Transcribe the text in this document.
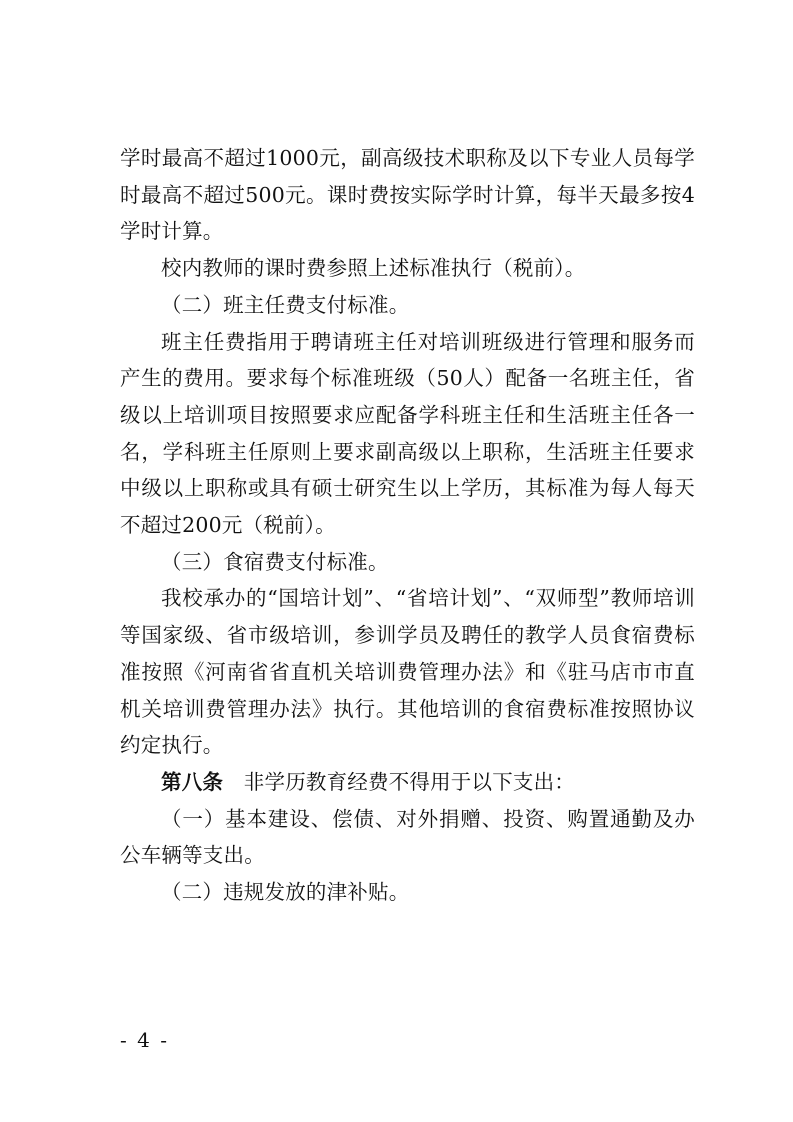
学时最高不超过1000元，副高级技术职称及以下专业人员每学时最高不超过500元。课时费按实际学时计算，每半天最多按4学时计算。

校内教师的课时费参照上述标准执行（税前）。

（二）班主任费支付标准。

班主任费指用于聘请班主任对培训班级进行管理和服务而产生的费用。要求每个标准班级（50人）配备一名班主任，省级以上培训项目按照要求应配备学科班主任和生活班主任各一名，学科班主任原则上要求副高级以上职称，生活班主任要求中级以上职称或具有硕士研究生以上学历，其标准为每人每天不超过200元（税前）。

（三）食宿费支付标准。

我校承办的“国培计划”、“省培计划”、“双师型”教师培训等国家级、省市级培训，参训学员及聘任的教学人员食宿费标准按照《河南省省直机关培训费管理办法》和《驻马店市市直机关培训费管理办法》执行。其他培训的食宿费标准按照协议约定执行。

第八条　非学历教育经费不得用于以下支出：

（一）基本建设、偿债、对外捐赠、投资、购置通勤及办公车辆等支出。

（二）违规发放的津补贴。

- 4 -
